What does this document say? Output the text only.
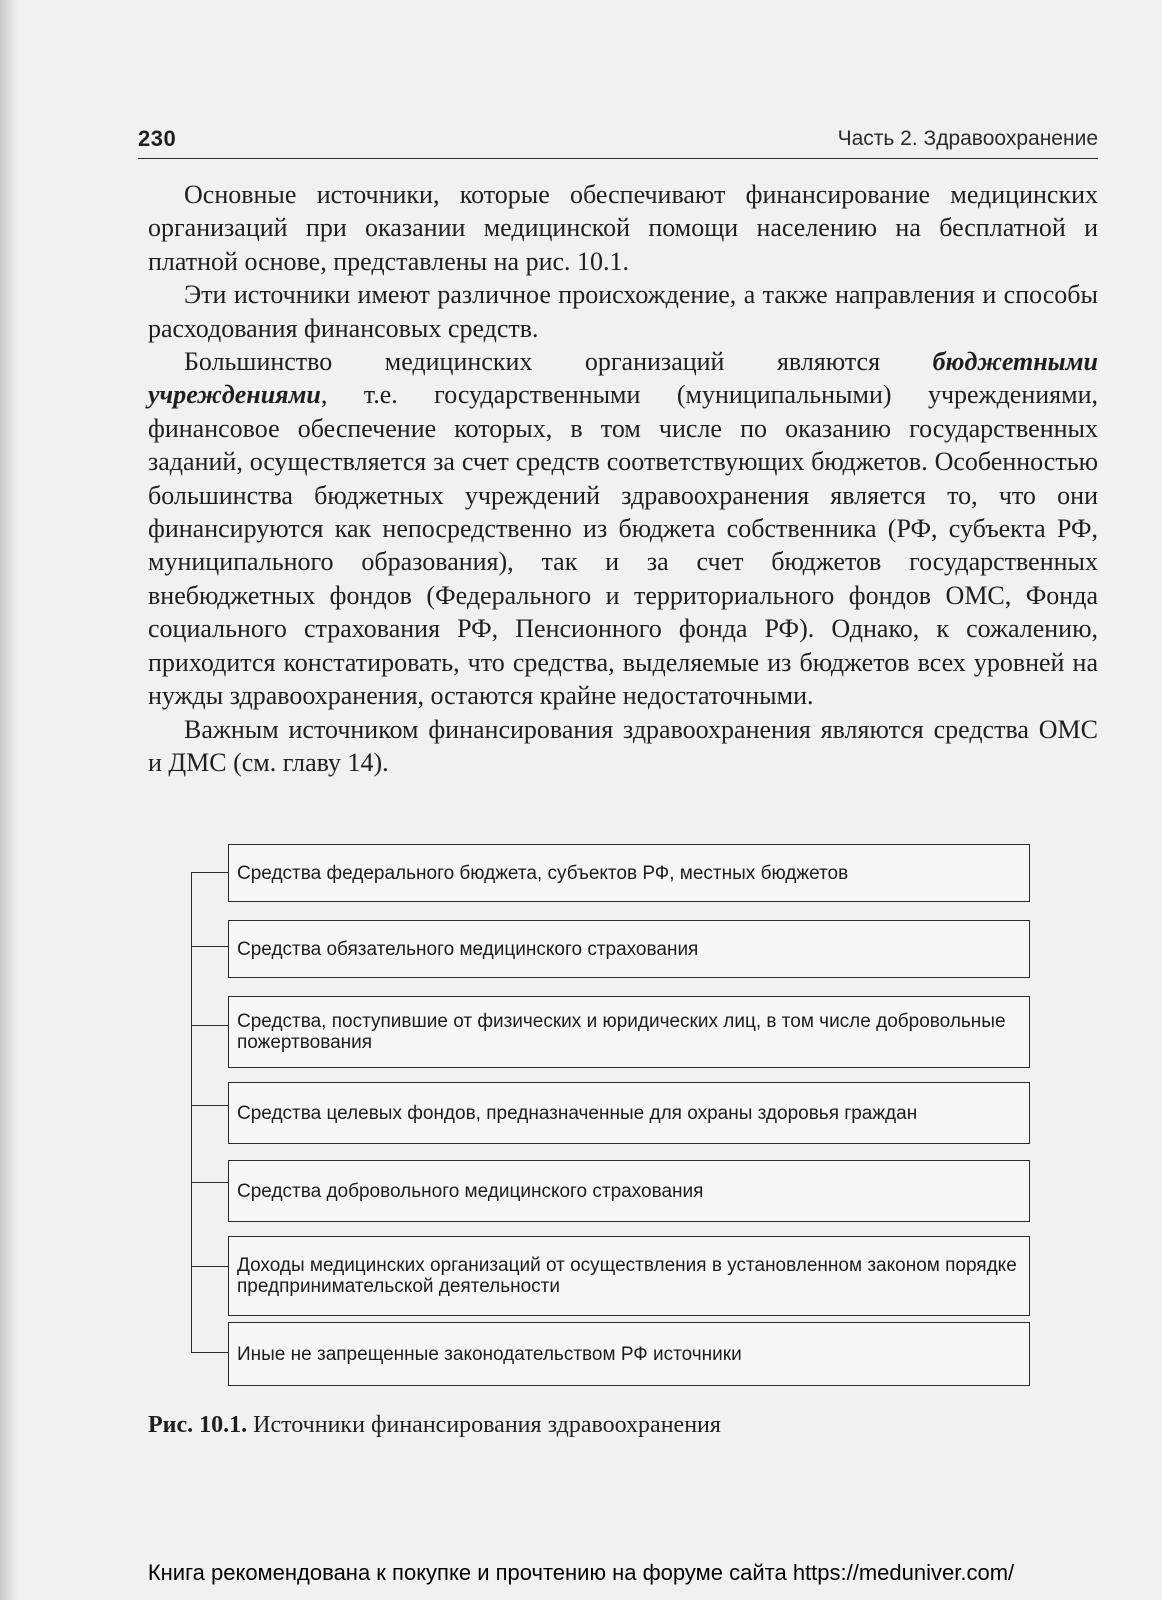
230	Часть 2. Здравоохранение

Основные источники, которые обеспечивают финансирование медицинских организаций при оказании медицинской помощи населению на бесплатной и платной основе, представлены на рис. 10.1.

Эти источники имеют различное происхождение, а также направления и способы расходования финансовых средств.

Большинство медицинских организаций являются бюджетными учреждениями, т.е. государственными (муниципальными) учреждениями, финансовое обеспечение которых, в том числе по оказанию государственных заданий, осуществляется за счет средств соответствующих бюджетов. Особенностью большинства бюджетных учреждений здравоохранения является то, что они финансируются как непосредственно из бюджета собственника (РФ, субъекта РФ, муниципального образования), так и за счет бюджетов государственных внебюджетных фондов (Федерального и территориального фондов ОМС, Фонда социального страхования РФ, Пенсионного фонда РФ). Однако, к сожалению, приходится констатировать, что средства, выделяемые из бюджетов всех уровней на нужды здравоохранения, остаются крайне недостаточными.

Важным источником финансирования здравоохранения являются средства ОМС и ДМС (см. главу 14).

Средства федерального бюджета, субъектов РФ, местных бюджетов
Средства обязательного медицинского страхования
Средства, поступившие от физических и юридических лиц, в том числе добровольные пожертвования
Средства целевых фондов, предназначенные для охраны здоровья граждан
Средства добровольного медицинского страхования
Доходы медицинских организаций от осуществления в установленном законом порядке предпринимательской деятельности
Иные не запрещенные законодательством РФ источники
Рис. 10.1. Источники финансирования здравоохранения
Книга рекомендована к покупке и прочтению на форуме сайта https://meduniver.com/
